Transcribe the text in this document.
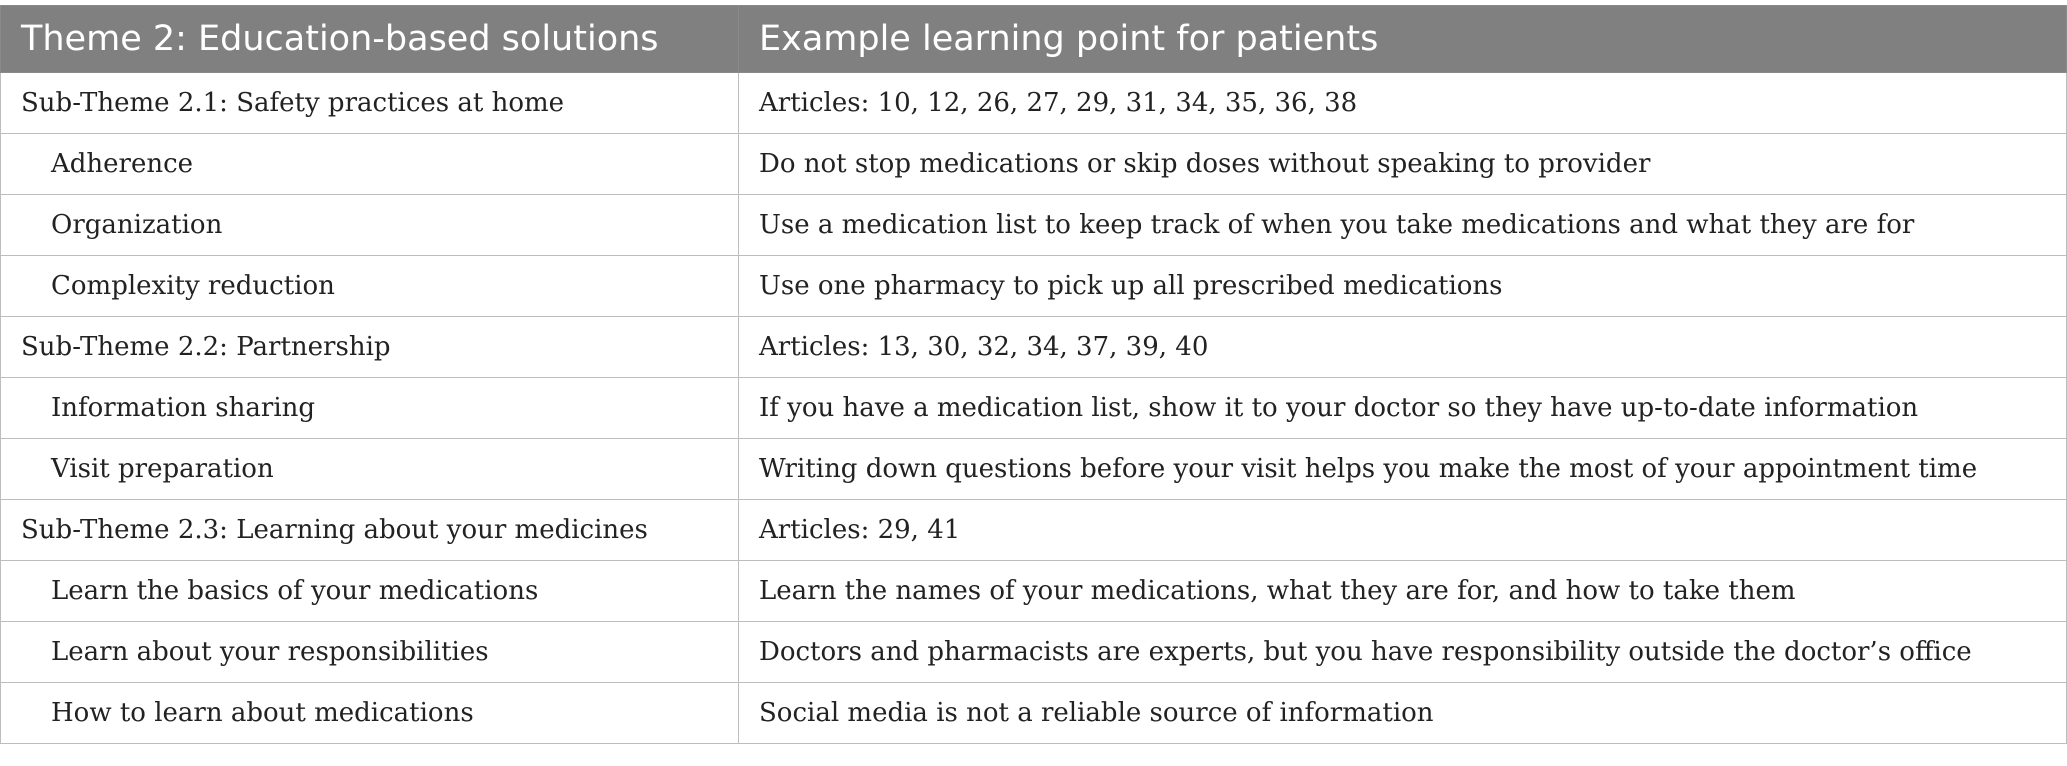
Theme 2: Education-based solutions	Example learning point for patients
Sub-Theme 2.1: Safety practices at home	Articles: 10, 12, 26, 27, 29, 31, 34, 35, 36, 38
Adherence	Do not stop medications or skip doses without speaking to provider
Organization	Use a medication list to keep track of when you take medications and what they are for
Complexity reduction	Use one pharmacy to pick up all prescribed medications
Sub-Theme 2.2: Partnership	Articles: 13, 30, 32, 34, 37, 39, 40
Information sharing	If you have a medication list, show it to your doctor so they have up-to-date information
Visit preparation	Writing down questions before your visit helps you make the most of your appointment time
Sub-Theme 2.3: Learning about your medicines	Articles: 29, 41
Learn the basics of your medications	Learn the names of your medications, what they are for, and how to take them
Learn about your responsibilities	Doctors and pharmacists are experts, but you have responsibility outside the doctor’s office
How to learn about medications	Social media is not a reliable source of information
